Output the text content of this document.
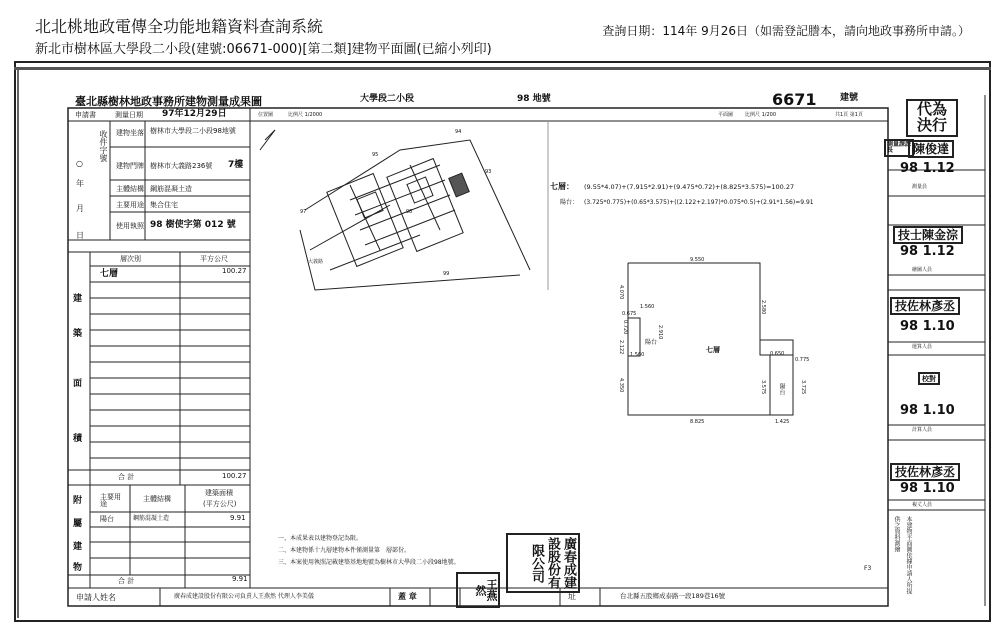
北北桃地政電傳全功能地籍資料查詢系統	查詢日期：114年 9月26日（如需登記謄本，請向地政事務所申請。）
新北市樹林區大學段二小段(建號:06671-000)[第二類]建物平面圖(已縮小列印)
臺北縣樹林地政事務所建物測量成果圖	大學段二小段	98 地號	6671	建號
申請書	測量日期 97年12月29日
建物坐落 樹林市大學段二小段98地號
建物門牌 樹林市大義路236號 7樓
主體結構 鋼筋混凝土造
主要用途 集合住宅
使用執照 98 樹使字第 012 號
收件字號
○
年
月
日
層次別	平方公尺
七層	100.27
建
築
面
積
合 計	100.27
附
屬
建
物
主要用途
主體結構
建築面積
(平方公尺)
陽台	鋼筋混凝土造	9.91
合 計	9.91
申請人姓名	廣春成建設股份有限公司負責人王燕然 代理人李美儀	蓋 章	址	台北縣五股鄉成泰路一段189巷16號
一、本成果表以建物登記為限。
二、本建物係十九層建物本件僅測量第　層部份。
三、本案使用執照記載建築基地地號為樹林市大學段二小段98地號。
位置圖	比例尺 1/2000
94
93
95
97	98
99
大義路
平面圖 比例尺 1/200	共1頁 第1頁
七層： (9.55*4.07)+(7.915*2.91)+(9.475*0.72)+(8.825*3.575)=100.27
陽台： (3.725*0.775)+(0.65*3.575)+((2.122+2.197)*0.075*0.5)+(2.91*1.56)=9.91
七層
陽台
陽台
9.550
8.825	1.425
4.070
4.350
0.675
1.560
2.910
1.560
2.122
0.720
2.580
0.650
0.775
3.575	3.725
代為決行
測量課課長	陳俊達
98 1.12
測量員
技士陳金淙
98 1.12
繪圖人員
技佐林彥丞
98 1.10
運算人員
校對
98 1.10
計算人員
技佐林彥丞
98 1.10
複丈人員
本建物平面圖依據申請人所提供之資料測繪
F3
廣春成建設股份有限公司
王燕然
